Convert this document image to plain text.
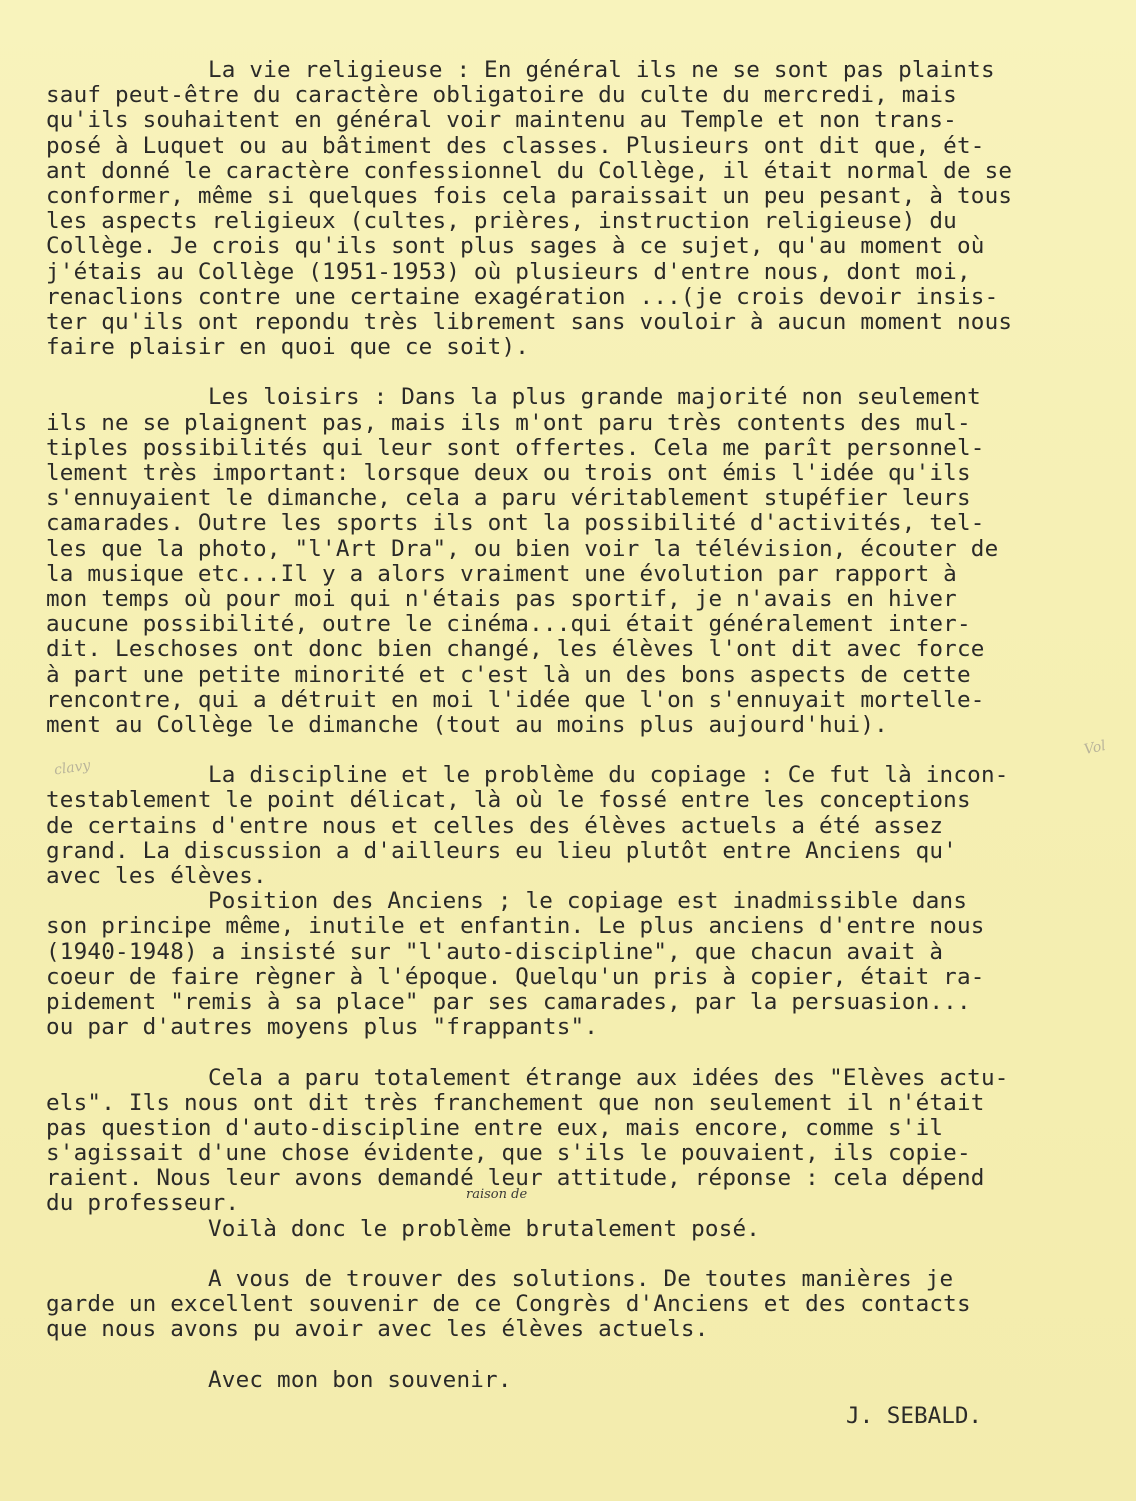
La vie religieuse : En général ils ne se sont pas plaints
sauf peut-être du caractère obligatoire du culte du mercredi, mais
qu'ils souhaitent en général voir maintenu au Temple et non trans-
posé à Luquet ou au bâtiment des classes. Plusieurs ont dit que, ét-
ant donné le caractère confessionnel du Collège, il était normal de se
conformer, même si quelques fois cela paraissait un peu pesant, à tous
les aspects religieux (cultes, prières, instruction religieuse) du
Collège. Je crois qu'ils sont plus sages à ce sujet, qu'au moment où
j'étais au Collège (1951-1953) où plusieurs d'entre nous, dont moi,
renaclions contre une certaine exagération ...(je crois devoir insis-
ter qu'ils ont repondu très librement sans vouloir à aucun moment nous
faire plaisir en quoi que ce soit).
Les loisirs : Dans la plus grande majorité non seulement
ils ne se plaignent pas, mais ils m'ont paru très contents des mul-
tiples possibilités qui leur sont offertes. Cela me parît personnel-
lement très important: lorsque deux ou trois ont émis l'idée qu'ils
s'ennuyaient le dimanche, cela a paru véritablement stupéfier leurs
camarades. Outre les sports ils ont la possibilité d'activités, tel-
les que la photo, "l'Art Dra", ou bien voir la télévision, écouter de
la musique etc...Il y a alors vraiment une évolution par rapport à
mon temps où pour moi qui n'étais pas sportif, je n'avais en hiver
aucune possibilité, outre le cinéma...qui était généralement inter-
dit. Leschoses ont donc bien changé, les élèves l'ont dit avec force
à part une petite minorité et c'est là un des bons aspects de cette
rencontre, qui a détruit en moi l'idée que l'on s'ennuyait mortelle-
ment au Collège le dimanche (tout au moins plus aujourd'hui).
La discipline et le problème du copiage : Ce fut là incon-
testablement le point délicat, là où le fossé entre les conceptions
de certains d'entre nous et celles des élèves actuels a été assez
grand. La discussion a d'ailleurs eu lieu plutôt entre Anciens qu'
avec les élèves.
Position des Anciens ; le copiage est inadmissible dans
son principe même, inutile et enfantin. Le plus anciens d'entre nous
(1940-1948) a insisté sur "l'auto-discipline", que chacun avait à
coeur de faire règner à l'époque. Quelqu'un pris à copier, était ra-
pidement "remis à sa place" par ses camarades, par la persuasion...
ou par d'autres moyens plus "frappants".
Cela a paru totalement étrange aux idées des "Elèves actu-
els". Ils nous ont dit très franchement que non seulement il n'était
pas question d'auto-discipline entre eux, mais encore, comme s'il
s'agissait d'une chose évidente, que s'ils le pouvaient, ils copie-
raient. Nous leur avons demandé leur attitude, réponse : cela dépend
du professeur.
Voilà donc le problème brutalement posé.
A vous de trouver des solutions. De toutes manières je
garde un excellent souvenir de ce Congrès d'Anciens et des contacts
que nous avons pu avoir avec les élèves actuels.
Avec mon bon souvenir.
raison de
Vol
clavy
J. SEBALD.
